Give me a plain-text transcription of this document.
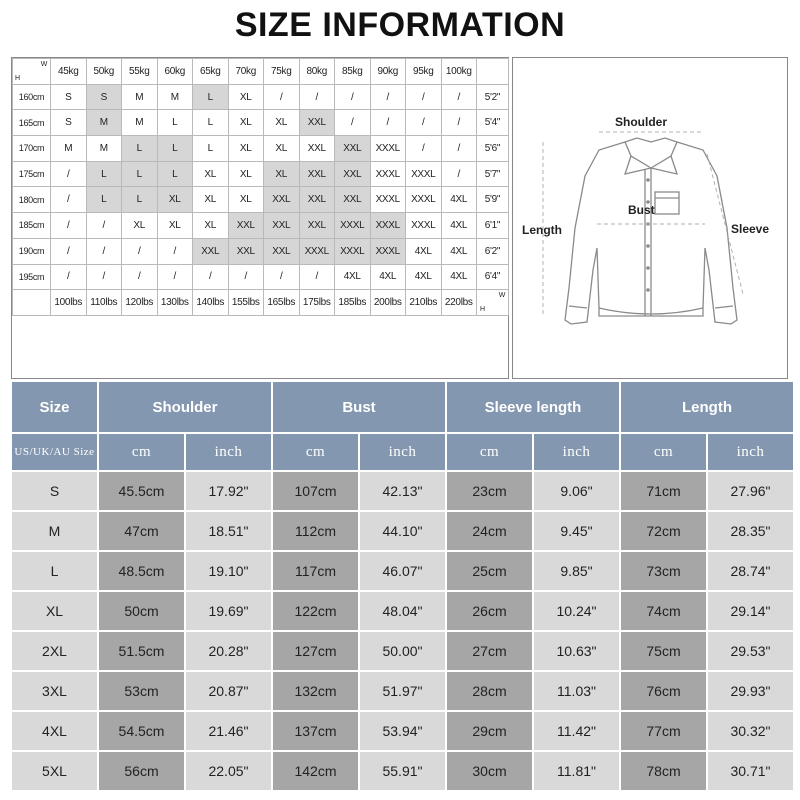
SIZE INFORMATION
H
W	45kg	50kg	55kg	60kg	65kg	70kg	75kg	80kg	85kg	90kg	95kg	100kg	
160cm	S	S	M	M	L	XL	/	/	/	/	/	/	5'2"
165cm	S	M	M	L	L	XL	XL	XXL	/	/	/	/	5'4"
170cm	M	M	L	L	L	XL	XL	XXL	XXL	XXXL	/	/	5'6"
175cm	/	L	L	L	XL	XL	XL	XXL	XXL	XXXL	XXXL	/	5'7"
180cm	/	L	L	XL	XL	XL	XXL	XXL	XXL	XXXL	XXXL	4XL	5'9"
185cm	/	/	XL	XL	XL	XXL	XXL	XXL	XXXL	XXXL	XXXL	4XL	6'1"
190cm	/	/	/	/	XXL	XXL	XXL	XXXL	XXXL	XXXL	4XL	4XL	6'2"
195cm	/	/	/	/	/	/	/	/	4XL	4XL	4XL	4XL	6'4"
	100lbs	110lbs	120lbs	130lbs	140lbs	155lbs	165lbs	175lbs	185lbs	200lbs	210lbs	220lbs	H
W

Shoulder
Bust
Length	Sleeve
Size	Shoulder		Bust		Sleeve length		Length	
US/UK/AU Size	cm	inch	cm	inch	cm	inch	cm	inch
S	45.5cm	17.92"	107cm	42.13"	23cm	9.06"	71cm	27.96"
M	47cm	18.51"	112cm	44.10"	24cm	9.45"	72cm	28.35"
L	48.5cm	19.10"	117cm	46.07"	25cm	9.85"	73cm	28.74"
XL	50cm	19.69"	122cm	48.04"	26cm	10.24"	74cm	29.14"
2XL	51.5cm	20.28"	127cm	50.00"	27cm	10.63"	75cm	29.53"
3XL	53cm	20.87"	132cm	51.97"	28cm	11.03"	76cm	29.93"
4XL	54.5cm	21.46"	137cm	53.94"	29cm	11.42"	77cm	30.32"
5XL	56cm	22.05"	142cm	55.91"	30cm	11.81"	78cm	30.71"
